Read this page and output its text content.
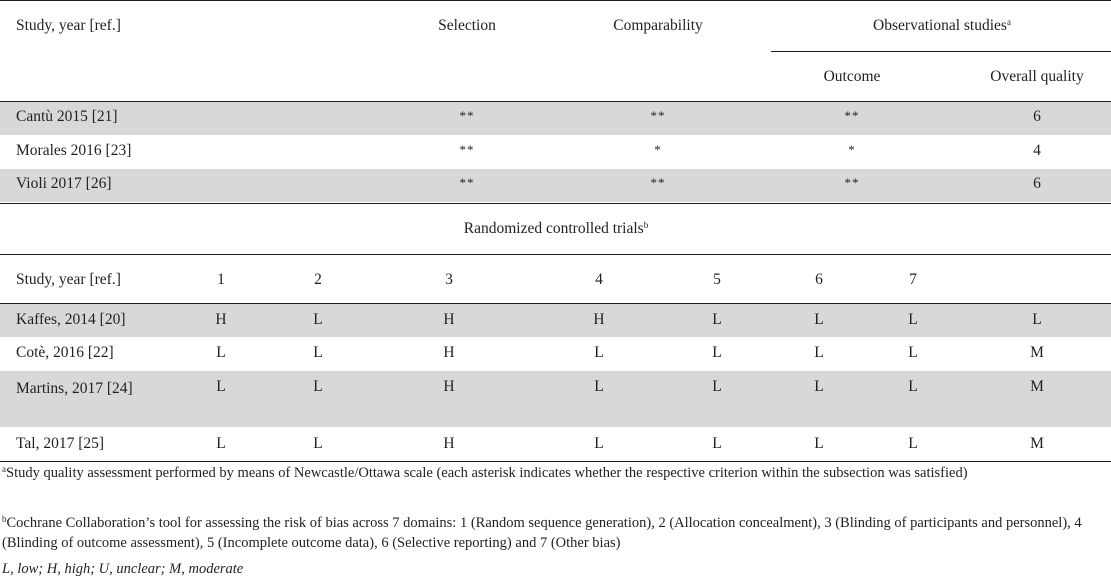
Study, year [ref.]	Selection	Comparability	Observational studies$^a$
Outcome	Overall quality
Cantù 2015 [21]	**	**	**	6
Morales 2016 [23]	**	*	*	4
Violi 2017 [26]	**	**	**	6
Randomized controlled trials$^b$
Study, year [ref.]	1	2	3	4	5	6	7
Kaffes, 2014 [20]	H	L	H	H	L	L	L	L
Cotè, 2016 [22]	L	L	H	L	L	L	L	M
Martins, 2017 [24]	L	L	H	L	L	L	L	M
Tal, 2017 [25]	L	L	H	L	L	L	L	M
$^a$Study quality assessment performed by means of Newcastle/Ottawa scale (each asterisk indicates whether the respective criterion within the subsection was satisfied)
$^b$Cochrane Collaboration’s tool for assessing the risk of bias across 7 domains: 1 (Random sequence generation), 2 (Allocation concealment), 3 (Blinding of participants and personnel), 4 (Blinding of outcome assessment), 5 (Incomplete outcome data), 6 (Selective reporting) and 7 (Other bias)
L, low; H, high; U, unclear; M, moderate
